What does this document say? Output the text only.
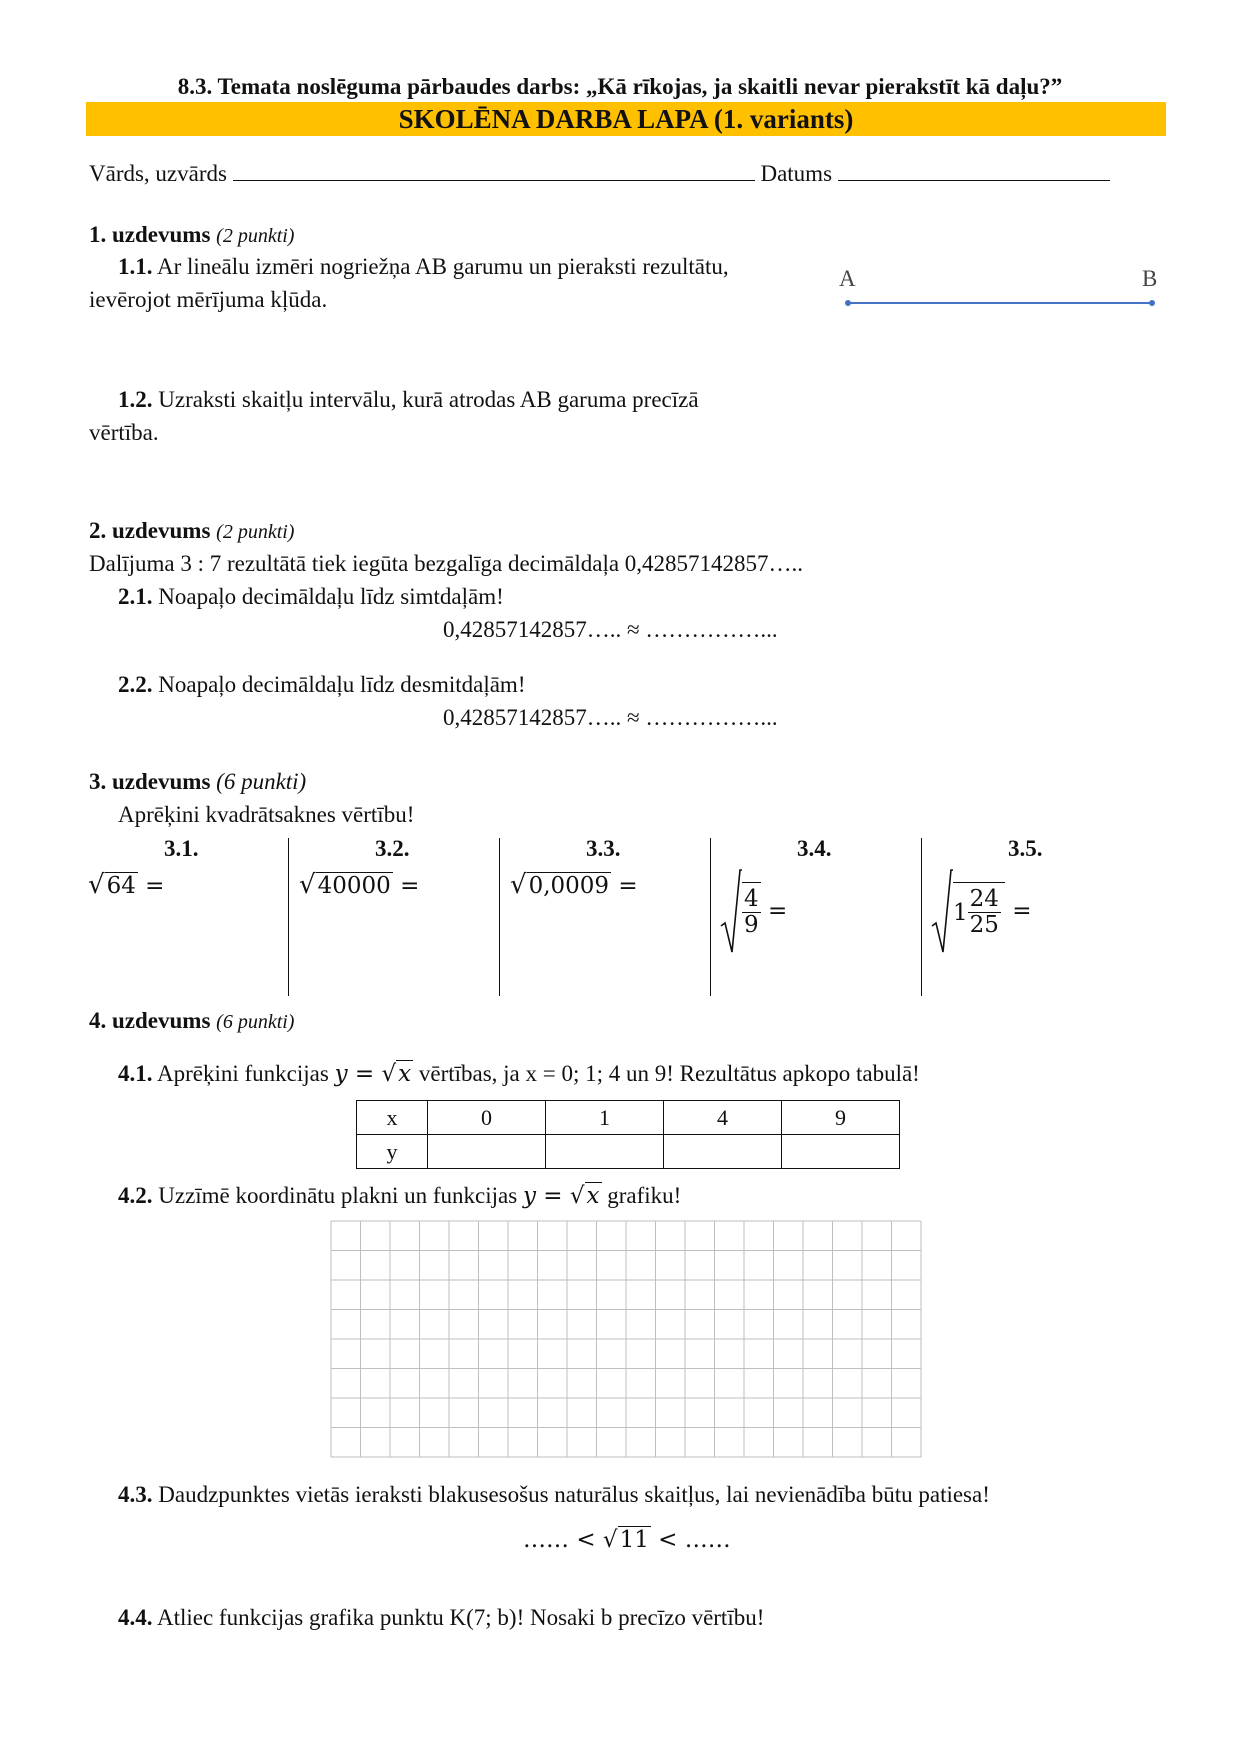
8.3. Temata noslēguma pārbaudes darbs: „Kā rīkojas, ja skaitli nevar pierakstīt kā daļu?”
SKOLĒNA DARBA LAPA (1. variants)
Vārds, uzvārds	Datums
1. uzdevums (2 punkti)
1.1. Ar lineālu izmēri nogriežņa AB garumu un pieraksti rezultātu,
ievērojot mērījuma kļūda.
A	B
1.2. Uzraksti skaitļu intervālu, kurā atrodas AB garuma precīzā
vērtība.
2. uzdevums (2 punkti)
Dalījuma 3 : 7 rezultātā tiek iegūta bezgalīga decimāldaļa 0,42857142857…..
2.1. Noapaļo decimāldaļu līdz simtdaļām!
0,42857142857….. ≈ ……………...
2.2. Noapaļo decimāldaļu līdz desmitdaļām!
0,42857142857….. ≈ ……………...
3. uzdevums (6 punkti)
Aprēķini kvadrātsaknes vērtību!
3.1.	3.2.	3.3.	3.4.	3.5.
√64 =	√40000 =	√0,0009 =
$\frac{4}{9}$ =	$1 \frac{24}{25}$ =
4. uzdevums (6 punkti)
4.1. Aprēķini funkcijas y = √x vērtības, ja x = 0; 1; 4 un 9! Rezultātus apkopo tabulā!
x	0	1	4	9
y				
4.2. Uzzīmē koordinātu plakni un funkcijas y = √x grafiku!
4.3. Daudzpunktes vietās ieraksti blakusesošus naturālus skaitļus, lai nevienādība būtu patiesa!
…… < √11 < ……
4.4. Atliec funkcijas grafika punktu K(7; b)! Nosaki b precīzo vērtību!
